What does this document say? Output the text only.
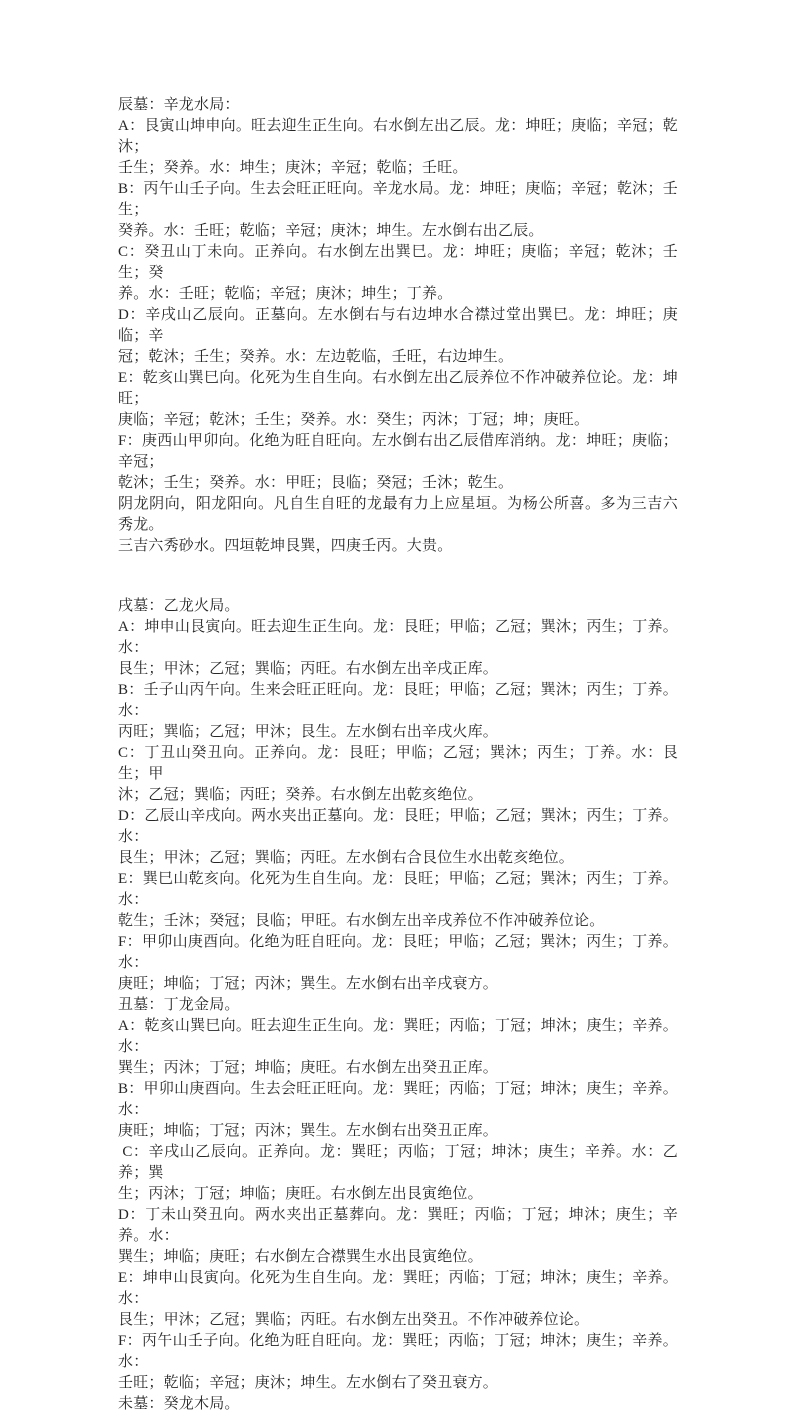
辰墓：辛龙水局：
A：艮寅山坤申向。旺去迎生正生向。右水倒左出乙辰。龙：坤旺；庚临；辛冠；乾沐；
壬生；癸养。水：坤生；庚沐；辛冠；乾临；壬旺。
B：丙午山壬子向。生去会旺正旺向。辛龙水局。龙：坤旺；庚临；辛冠；乾沐；壬生；
癸养。水：壬旺；乾临；辛冠；庚沐；坤生。左水倒右出乙辰。
C：癸丑山丁未向。正养向。右水倒左出巽巳。龙：坤旺；庚临；辛冠；乾沐；壬生；癸
养。水：壬旺；乾临；辛冠；庚沐；坤生；丁养。
D：辛戌山乙辰向。正墓向。左水倒右与右边坤水合襟过堂出巽巳。龙：坤旺；庚临；辛
冠；乾沐；壬生；癸养。水：左边乾临，壬旺，右边坤生。
E：乾亥山巽巳向。化死为生自生向。右水倒左出乙辰养位不作冲破养位论。龙：坤旺；
庚临；辛冠；乾沐；壬生；癸养。水：癸生；丙沐；丁冠；坤；庚旺。
F：庚西山甲卯向。化绝为旺自旺向。左水倒右出乙辰借库消纳。龙：坤旺；庚临；辛冠；
乾沐；壬生；癸养。水：甲旺；艮临；癸冠；壬沐；乾生。
阴龙阴向，阳龙阳向。凡自生自旺的龙最有力上应星垣。为杨公所喜。多为三吉六秀龙。
三吉六秀砂水。四垣乾坤艮巽，四庚壬丙。大贵。
戌墓：乙龙火局。
A：坤申山艮寅向。旺去迎生正生向。龙：艮旺；甲临；乙冠；巽沐；丙生；丁养。水：
艮生；甲沐；乙冠；巽临；丙旺。右水倒左出辛戌正库。
B：壬子山丙午向。生来会旺正旺向。龙：艮旺；甲临；乙冠；巽沐；丙生；丁养。水：
丙旺；巽临；乙冠；甲沐；艮生。左水倒右出辛戌火库。
C：丁丑山癸丑向。正养向。龙：艮旺；甲临；乙冠；巽沐；丙生；丁养。水：艮生；甲
沐；乙冠；巽临；丙旺；癸养。右水倒左出乾亥绝位。
D：乙辰山辛戌向。两水夹出正墓向。龙：艮旺；甲临；乙冠；巽沐；丙生；丁养。水：
艮生；甲沐；乙冠；巽临；丙旺。左水倒右合艮位生水出乾亥绝位。
E：巽巳山乾亥向。化死为生自生向。龙：艮旺；甲临；乙冠；巽沐；丙生；丁养。水：
乾生；壬沐；癸冠；艮临；甲旺。右水倒左出辛戌养位不作冲破养位论。
F：甲卯山庚酉向。化绝为旺自旺向。龙：艮旺；甲临；乙冠；巽沐；丙生；丁养。水：
庚旺；坤临；丁冠；丙沐；巽生。左水倒右出辛戌衰方。
丑墓：丁龙金局。
A：乾亥山巽巳向。旺去迎生正生向。龙：巽旺；丙临；丁冠；坤沐；庚生；辛养。水：
巽生；丙沐；丁冠；坤临；庚旺。右水倒左出癸丑正库。
B：甲卯山庚酉向。生去会旺正旺向。龙：巽旺；丙临；丁冠；坤沐；庚生；辛养。水：
庚旺；坤临；丁冠；丙沐；巽生。左水倒右出癸丑正库。
C：辛戌山乙辰向。正养向。龙：巽旺；丙临；丁冠；坤沐；庚生；辛养。水：乙养；巽
生；丙沐；丁冠；坤临；庚旺。右水倒左出艮寅绝位。
D：丁未山癸丑向。两水夹出正墓葬向。龙：巽旺；丙临；丁冠；坤沐；庚生；辛养。水：
巽生；坤临；庚旺；右水倒左合襟巽生水出艮寅绝位。
E：坤申山艮寅向。化死为生自生向。龙：巽旺；丙临；丁冠；坤沐；庚生；辛养。水：
艮生；甲沐；乙冠；巽临；丙旺。右水倒左出癸丑。不作冲破养位论。
F：丙午山壬子向。化绝为旺自旺向。龙：巽旺；丙临；丁冠；坤沐；庚生；辛养。水：
壬旺；乾临；辛冠；庚沐；坤生。左水倒右了癸丑衰方。
未墓：癸龙木局。
